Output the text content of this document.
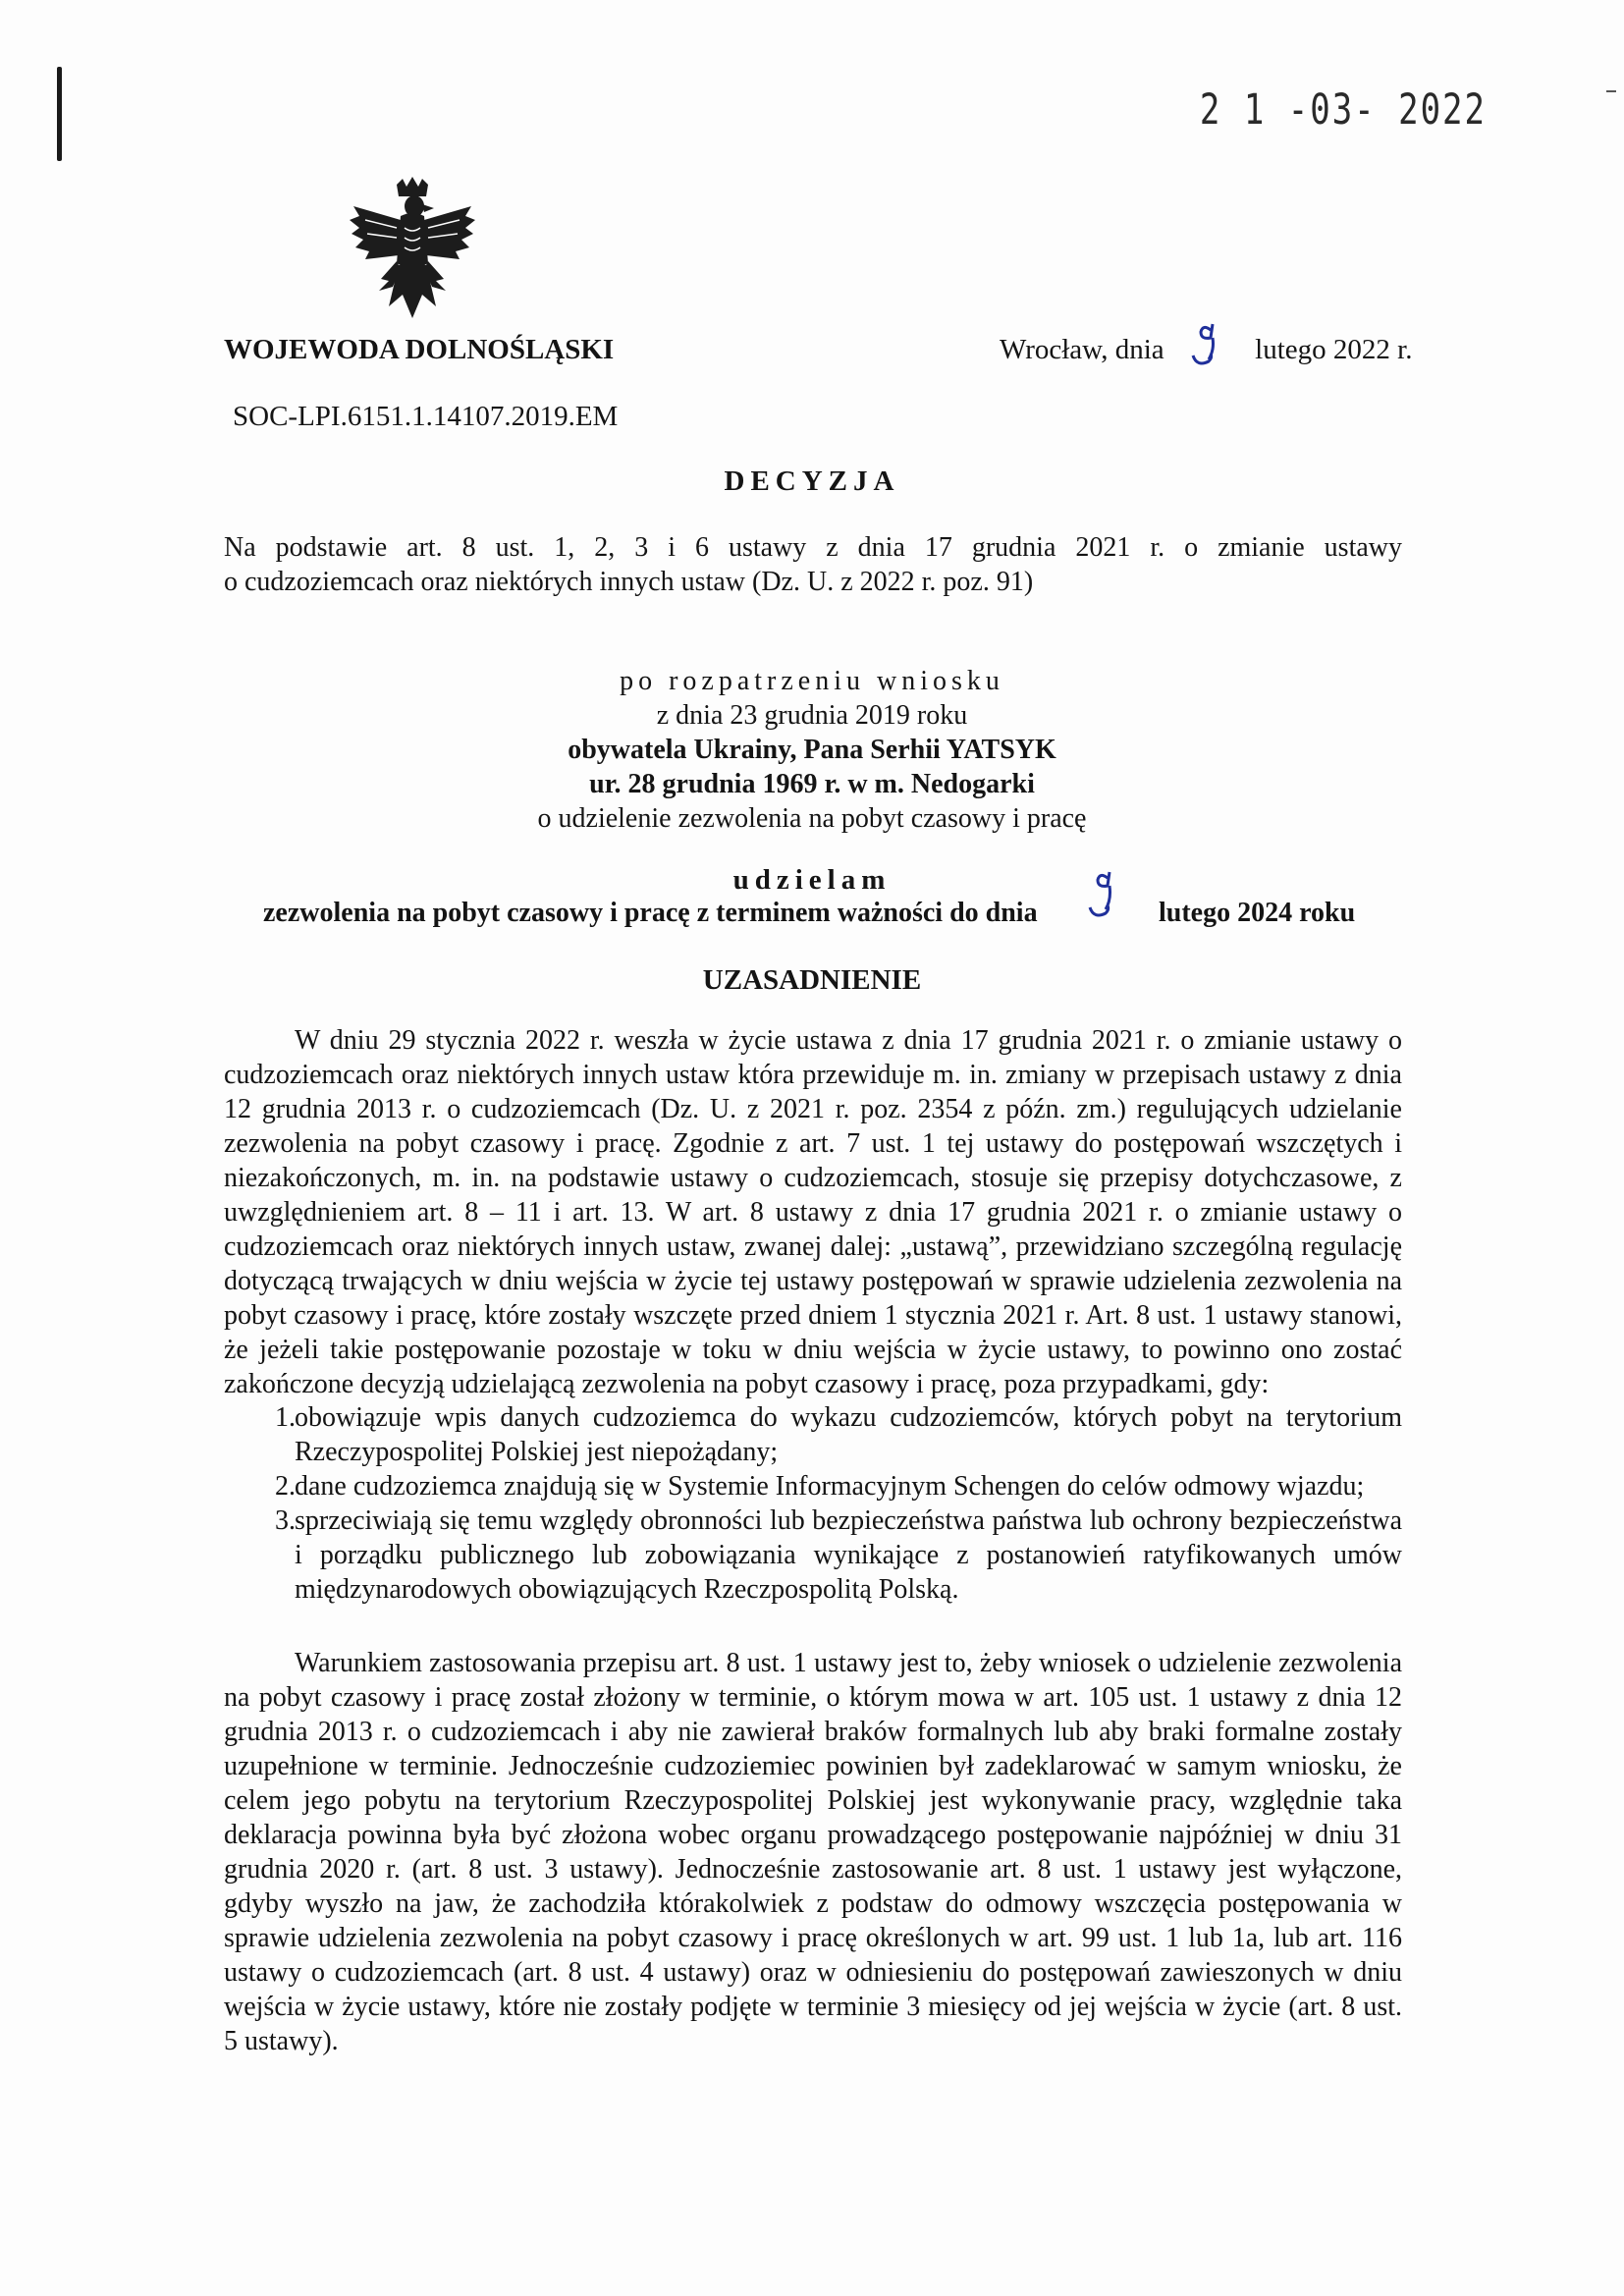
2 1 -03- 2022
WOJEWODA DOLNOŚLĄSKI	Wrocław, dnia	lutego 2022 r.
SOC-LPI.6151.1.14107.2019.EM
DECYZJA
Na podstawie art. 8 ust. 1, 2, 3 i 6 ustawy z dnia 17 grudnia 2021 r. o zmianie ustawy
o cudzoziemcach oraz niektórych innych ustaw (Dz. U. z 2022 r. poz. 91)
po rozpatrzeniu wniosku
z dnia 23 grudnia 2019 roku
obywatela Ukrainy, Pana Serhii YATSYK
ur. 28 grudnia 1969 r. w m. Nedogarki
o udzielenie zezwolenia na pobyt czasowy i pracę
udzielam
zezwolenia na pobyt czasowy i pracę z terminem ważności do dnia	lutego 2024 roku
UZASADNIENIE
W dniu 29 stycznia 2022 r. weszła w życie ustawa z dnia 17 grudnia 2021 r. o zmianie ustawy o cudzoziemcach oraz niektórych innych ustaw która przewiduje m. in. zmiany w przepisach ustawy z dnia 12 grudnia 2013 r. o cudzoziemcach (Dz. U. z 2021 r. poz. 2354 z późn. zm.) regulujących udzielanie zezwolenia na pobyt czasowy i pracę. Zgodnie z art. 7 ust. 1 tej ustawy do postępowań wszczętych i niezakończonych, m. in. na podstawie ustawy o cudzoziemcach, stosuje się przepisy dotychczasowe, z uwzględnieniem art. 8 – 11 i art. 13. W art. 8 ustawy z dnia 17 grudnia 2021 r. o zmianie ustawy o cudzoziemcach oraz niektórych innych ustaw, zwanej dalej: „ustawą”, przewidziano szczególną regulację dotyczącą trwających w dniu wejścia w życie tej ustawy postępowań w sprawie udzielenia zezwolenia na pobyt czasowy i pracę, które zostały wszczęte przed dniem 1 stycznia 2021 r. Art. 8 ust. 1 ustawy stanowi, że jeżeli takie postępowanie pozostaje w toku w dniu wejścia w życie ustawy, to powinno ono zostać zakończone decyzją udzielającą zezwolenia na pobyt czasowy i pracę, poza przypadkami, gdy:
1. obowiązuje wpis danych cudzoziemca do wykazu cudzoziemców, których pobyt na terytorium Rzeczypospolitej Polskiej jest niepożądany;
2. dane cudzoziemca znajdują się w Systemie Informacyjnym Schengen do celów odmowy wjazdu;
3. sprzeciwiają się temu względy obronności lub bezpieczeństwa państwa lub ochrony bezpieczeństwa i porządku publicznego lub zobowiązania wynikające z postanowień ratyfikowanych umów międzynarodowych obowiązujących Rzeczpospolitą Polską.
Warunkiem zastosowania przepisu art. 8 ust. 1 ustawy jest to, żeby wniosek o udzielenie zezwolenia na pobyt czasowy i pracę został złożony w terminie, o którym mowa w art. 105 ust. 1 ustawy z dnia 12 grudnia 2013 r. o cudzoziemcach i aby nie zawierał braków formalnych lub aby braki formalne zostały uzupełnione w terminie. Jednocześnie cudzoziemiec powinien był zadeklarować w samym wniosku, że celem jego pobytu na terytorium Rzeczypospolitej Polskiej jest wykonywanie pracy, względnie taka deklaracja powinna była być złożona wobec organu prowadzącego postępowanie najpóźniej w dniu 31 grudnia 2020 r. (art. 8 ust. 3 ustawy). Jednocześnie zastosowanie art. 8 ust. 1 ustawy jest wyłączone, gdyby wyszło na jaw, że zachodziła którakolwiek z podstaw do odmowy wszczęcia postępowania w sprawie udzielenia zezwolenia na pobyt czasowy i pracę określonych w art. 99 ust. 1 lub 1a, lub art. 116 ustawy o cudzoziemcach (art. 8 ust. 4 ustawy) oraz w odniesieniu do postępowań zawieszonych w dniu wejścia w życie ustawy, które nie zostały podjęte w terminie 3 miesięcy od jej wejścia w życie (art. 8 ust. 5 ustawy).
